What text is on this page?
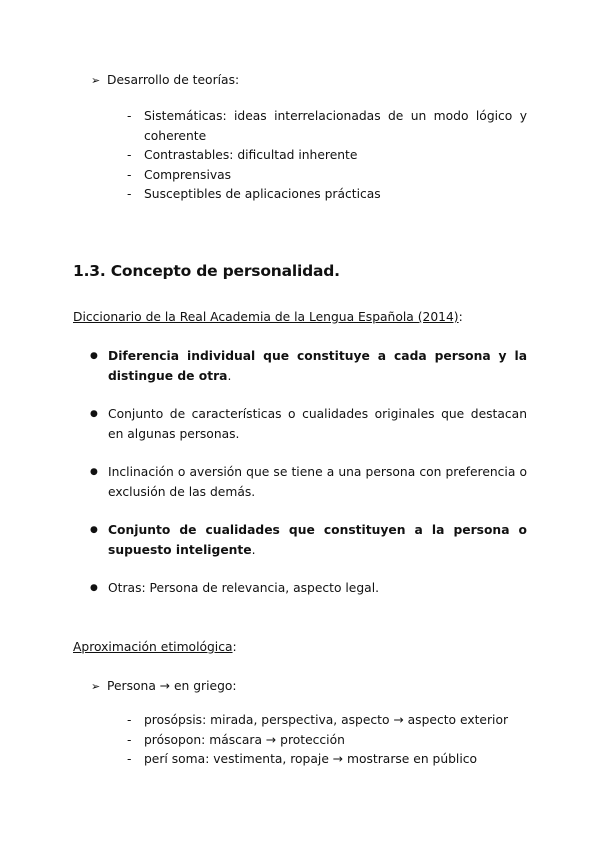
➢ Desarrollo de teorías:
-	Sistemáticas: ideas interrelacionadas de un modo lógico y coherente
-	Contrastables: dificultad inherente
-	Comprensivas
-	Susceptibles de aplicaciones prácticas
1.3. Concepto de personalidad.
Diccionario de la Real Academia de la Lengua Española (2014):
● Diferencia individual que constituye a cada persona y la distingue de otra.
● Conjunto de características o cualidades originales que destacan en algunas personas.
● Inclinación o aversión que se tiene a una persona con preferencia o exclusión de las demás.
● Conjunto de cualidades que constituyen a la persona o supuesto inteligente.
● Otras: Persona de relevancia, aspecto legal.
Aproximación etimológica:
➢ Persona → en griego:
-	prosópsis: mirada, perspectiva, aspecto → aspecto exterior
-	prósopon: máscara → protección
-	perí soma: vestimenta, ropaje → mostrarse en público
